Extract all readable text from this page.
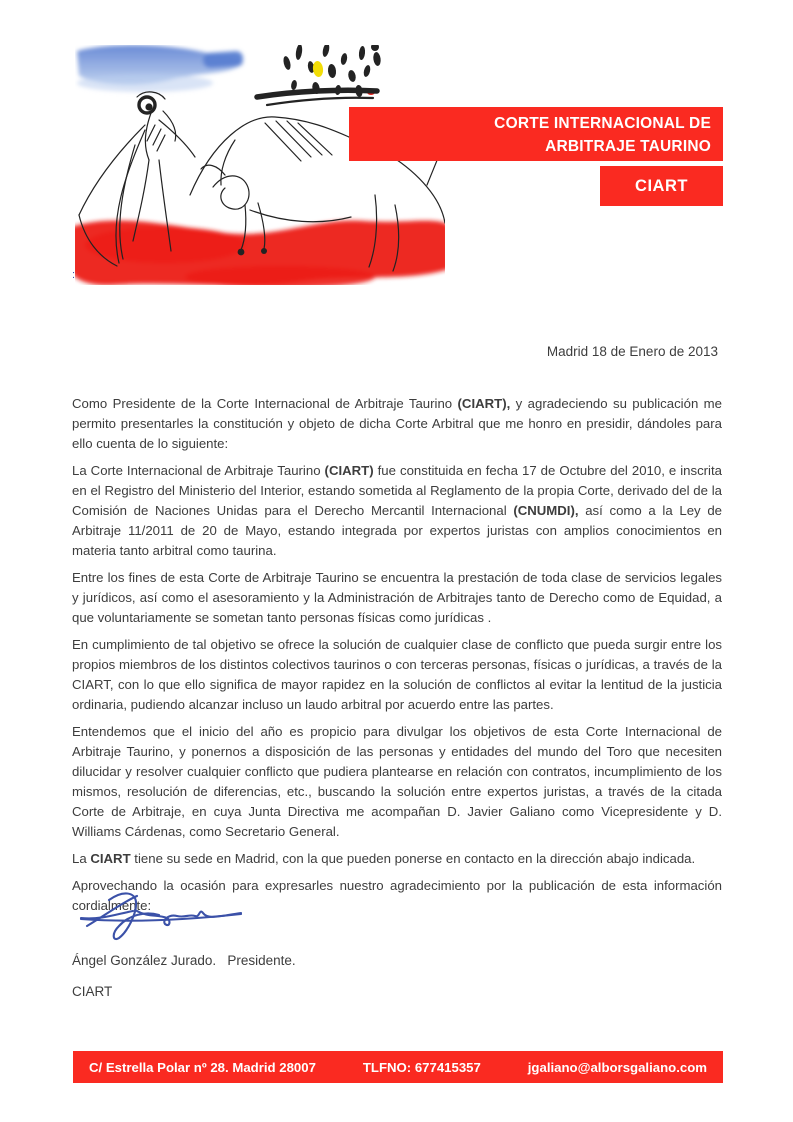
:
CORTE INTERNACIONAL DE
ARBITRAJE TAURINO
CIART
Madrid 18 de Enero de 2013

Como Presidente de la Corte Internacional de Arbitraje Taurino (CIART), y agradeciendo su publicación me permito presentarles la constitución y objeto de dicha Corte Arbitral que me honro en presidir, dándoles para ello cuenta de lo siguiente:

La Corte Internacional de Arbitraje Taurino (CIART) fue constituida en fecha 17 de Octubre del 2010, e inscrita en el Registro del Ministerio del Interior, estando sometida al Reglamento de la propia Corte, derivado del de la Comisión de Naciones Unidas para el Derecho Mercantil Internacional (CNUMDI), así como a la Ley de Arbitraje 11/2011 de 20 de Mayo, estando integrada por expertos juristas con amplios conocimientos en materia tanto arbitral como taurina.

Entre los fines de esta Corte de Arbitraje Taurino se encuentra la prestación de toda clase de servicios legales y jurídicos, así como el asesoramiento y la Administración de Arbitrajes tanto de Derecho como de Equidad, a que voluntariamente se sometan tanto personas físicas como jurídicas .

En cumplimiento de tal objetivo se ofrece la solución de cualquier clase de conflicto que pueda surgir entre los propios miembros de los distintos colectivos taurinos o con terceras personas, físicas o jurídicas, a través de la CIART, con lo que ello significa de mayor rapidez en la solución de conflictos al evitar la lentitud de la justicia ordinaria, pudiendo alcanzar incluso un laudo arbitral por acuerdo entre las partes.

Entendemos que el inicio del año es propicio para divulgar los objetivos de esta Corte Internacional de Arbitraje Taurino, y ponernos a disposición de las personas y entidades del mundo del Toro que necesiten dilucidar y resolver cualquier conflicto que pudiera plantearse en relación con contratos, incumplimiento de los mismos, resolución de diferencias, etc., buscando la solución entre expertos juristas, a través de la citada Corte de Arbitraje, en cuya Junta Directiva me acompañan D. Javier Galiano como Vicepresidente y D. Williams Cárdenas, como Secretario General.

La CIART tiene su sede en Madrid, con la que pueden ponerse en contacto en la dirección abajo indicada.

Aprovechando la ocasión para expresarles nuestro agradecimiento por la publicación de esta información cordialmente:

Ángel González Jurado.   Presidente.
CIART
C/ Estrella Polar nº 28. Madrid 28007	TLFNO: 677415357	jgaliano@alborsgaliano.com
